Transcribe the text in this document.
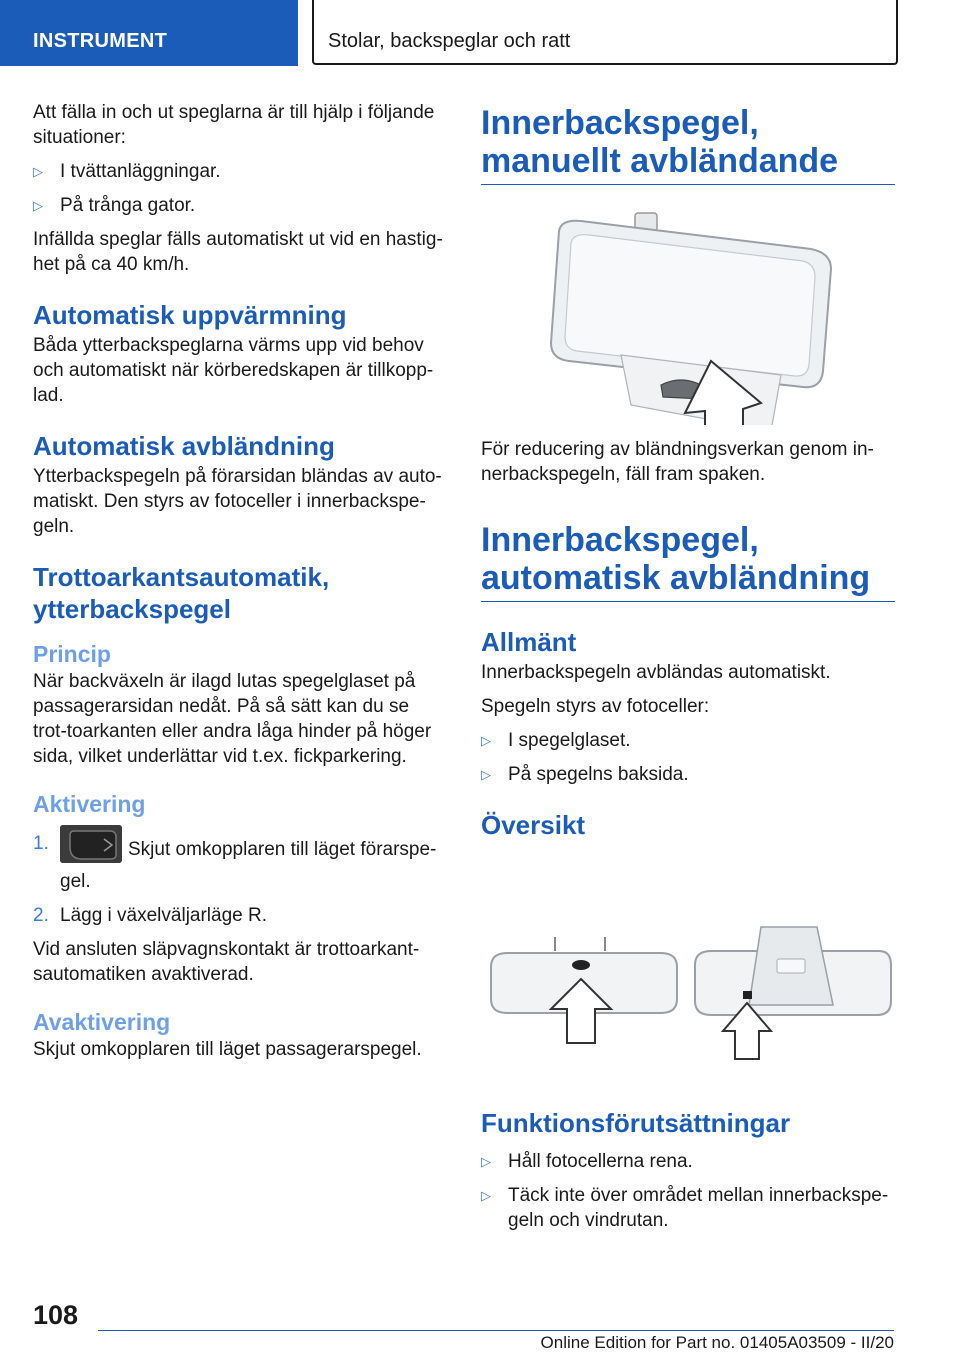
INSTRUMENT	Stolar, backspeglar och ratt

Att fälla in och ut speglarna är till hjälp i följande situationer:

▷ I tvättanläggningar.
▷ På trånga gator.

Infällda speglar fälls automatiskt ut vid en hastig-het på ca 40 km/h.

Automatisk uppvärmning

Båda ytterbackspeglarna värms upp vid behov och automatiskt när körberedskapen är tillkopp-lad.

Automatisk avbländning

Ytterbackspegeln på förarsidan bländas av auto-matiskt. Den styrs av fotoceller i innerbackspe-geln.

Trottoarkantsautomatik, ytterbackspegel
Princip

När backväxeln är ilagd lutas spegelglaset på passagerarsidan nedåt. På så sätt kan du se trot-toarkanten eller andra låga hinder på höger sida, vilket underlättar vid t.ex. fickparkering.

Aktivering
1.	Skjut omkopplaren till läget förarspe-gel.
2. Lägg i växelväljarläge R.

Vid ansluten släpvagnskontakt är trottoarkant-sautomatiken avaktiverad.

Avaktivering

Skjut omkopplaren till läget passagerarspegel.

Innerbackspegel, manuellt avbländande

För reducering av bländningsverkan genom in-nerbackspegeln, fäll fram spaken.

Innerbackspegel, automatisk avbländning

Allmänt

Innerbackspegeln avbländas automatiskt.

Spegeln styrs av fotoceller:

▷ I spegelglaset.
▷ På spegelns baksida.

Översikt

Funktionsförutsättningar

▷ Håll fotocellerna rena.
▷ Täck inte över området mellan innerbackspe-geln och vindrutan.
108
Online Edition for Part no. 01405A03509 - II/20
